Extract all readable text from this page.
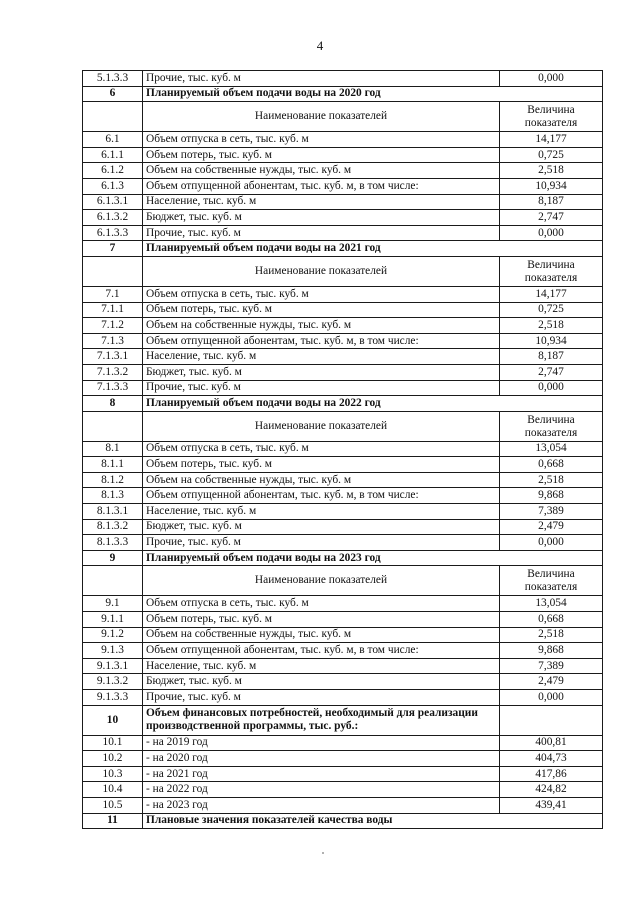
4
5.1.3.3	Прочие, тыс. куб. м	0,000
6	Планируемый объем подачи воды на 2020 год	
	Наименование показателей	Величина показателя
6.1	Объем отпуска в сеть, тыс. куб. м	14,177
6.1.1	Объем потерь, тыс. куб. м	0,725
6.1.2	Объем на собственные нужды, тыс. куб. м	2,518
6.1.3	Объем отпущенной абонентам, тыс. куб. м, в том числе:	10,934
6.1.3.1	Население, тыс. куб. м	8,187
6.1.3.2	Бюджет, тыс. куб. м	2,747
6.1.3.3	Прочие, тыс. куб. м	0,000
7	Планируемый объем подачи воды на 2021 год	
	Наименование показателей	Величина показателя
7.1	Объем отпуска в сеть, тыс. куб. м	14,177
7.1.1	Объем потерь, тыс. куб. м	0,725
7.1.2	Объем на собственные нужды, тыс. куб. м	2,518
7.1.3	Объем отпущенной абонентам, тыс. куб. м, в том числе:	10,934
7.1.3.1	Население, тыс. куб. м	8,187
7.1.3.2	Бюджет, тыс. куб. м	2,747
7.1.3.3	Прочие, тыс. куб. м	0,000
8	Планируемый объем подачи воды на 2022 год	
	Наименование показателей	Величина показателя
8.1	Объем отпуска в сеть, тыс. куб. м	13,054
8.1.1	Объем потерь, тыс. куб. м	0,668
8.1.2	Объем на собственные нужды, тыс. куб. м	2,518
8.1.3	Объем отпущенной абонентам, тыс. куб. м, в том числе:	9,868
8.1.3.1	Население, тыс. куб. м	7,389
8.1.3.2	Бюджет, тыс. куб. м	2,479
8.1.3.3	Прочие, тыс. куб. м	0,000
9	Планируемый объем подачи воды на 2023 год	
	Наименование показателей	Величина показателя
9.1	Объем отпуска в сеть, тыс. куб. м	13,054
9.1.1	Объем потерь, тыс. куб. м	0,668
9.1.2	Объем на собственные нужды, тыс. куб. м	2,518
9.1.3	Объем отпущенной абонентам, тыс. куб. м, в том числе:	9,868
9.1.3.1	Население, тыс. куб. м	7,389
9.1.3.2	Бюджет, тыс. куб. м	2,479
9.1.3.3	Прочие, тыс. куб. м	0,000
10	Объем финансовых потребностей, необходимый для реализации производственной программы, тыс. руб.:	
10.1	- на 2019 год	400,81
10.2	- на 2020 год	404,73
10.3	- на 2021 год	417,86
10.4	- на 2022 год	424,82
10.5	- на 2023 год	439,41
11	Плановые значения показателей качества воды	
